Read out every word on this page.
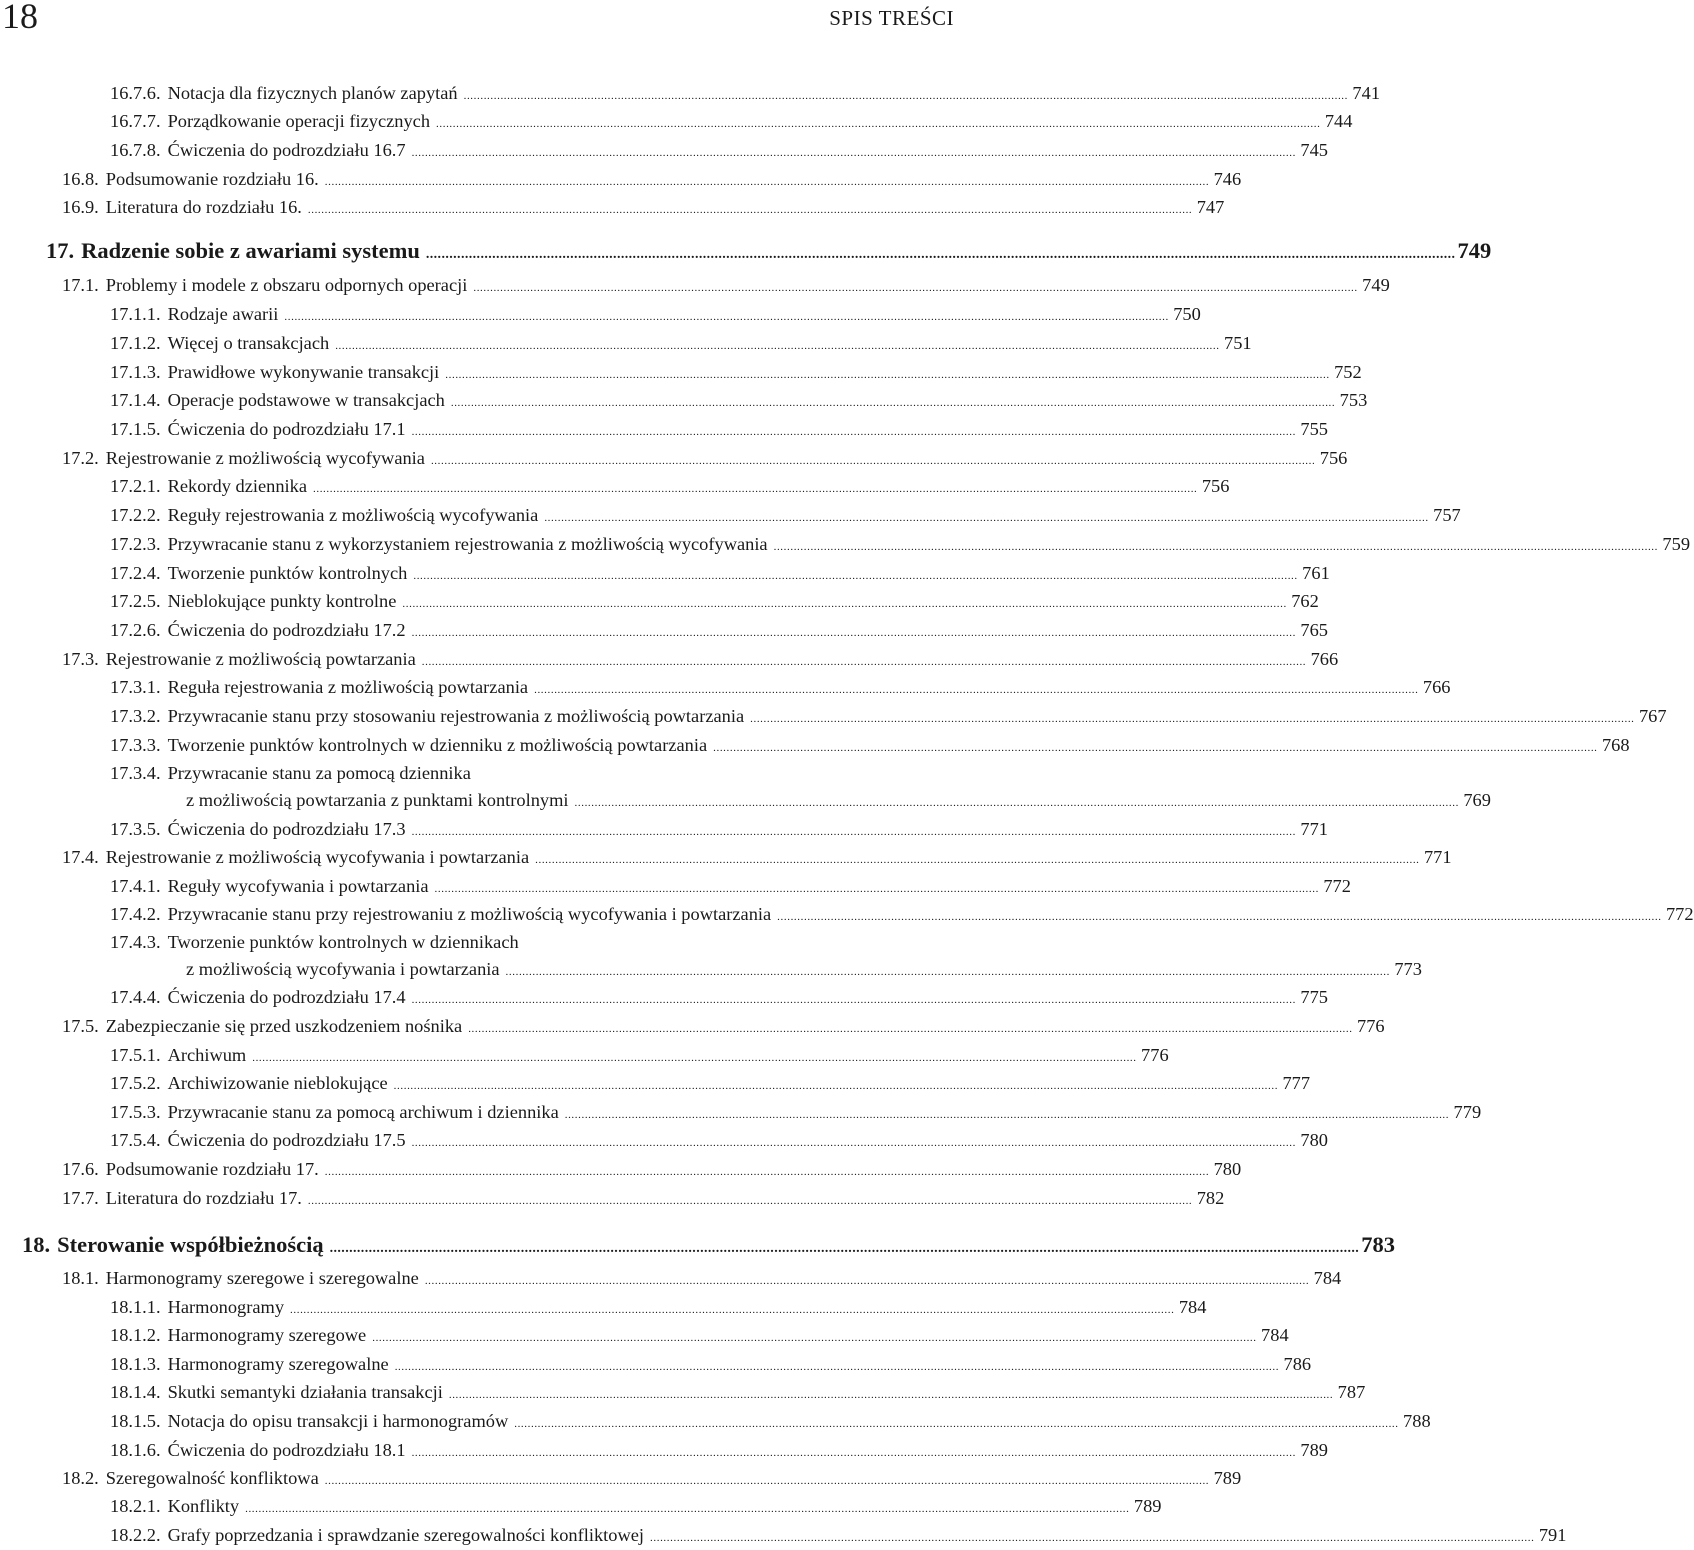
18	SPIS TREŚCI
16.7.6. Notacja dla fizycznych planów zapytań .....	741
16.7.7. Porządkowanie operacji fizycznych .....	744
16.7.8. Ćwiczenia do podrozdziału 16.7 .....	745
16.8. Podsumowanie rozdziału 16. .....	746
16.9. Literatura do rozdziału 16. .....	747
17. Radzenie sobie z awariami systemu .....	749
17.1. Problemy i modele z obszaru odpornych operacji .....	749
17.1.1. Rodzaje awarii .....	750
17.1.2. Więcej o transakcjach .....	751
17.1.3. Prawidłowe wykonywanie transakcji .....	752
17.1.4. Operacje podstawowe w transakcjach .....	753
17.1.5. Ćwiczenia do podrozdziału 17.1 .....	755
17.2. Rejestrowanie z możliwością wycofywania .....	756
17.2.1. Rekordy dziennika .....	756
17.2.2. Reguły rejestrowania z możliwością wycofywania .....	757
17.2.3. Przywracanie stanu z wykorzystaniem rejestrowania z możliwością wycofywania .....	759
17.2.4. Tworzenie punktów kontrolnych .....	761
17.2.5. Nieblokujące punkty kontrolne .....	762
17.2.6. Ćwiczenia do podrozdziału 17.2 .....	765
17.3. Rejestrowanie z możliwością powtarzania .....	766
17.3.1. Reguła rejestrowania z możliwością powtarzania .....	766
17.3.2. Przywracanie stanu przy stosowaniu rejestrowania z możliwością powtarzania .....	767
17.3.3. Tworzenie punktów kontrolnych w dzienniku z możliwością powtarzania .....	768
17.3.4. Przywracanie stanu za pomocą dziennika
z możliwością powtarzania z punktami kontrolnymi .....	769
17.3.5. Ćwiczenia do podrozdziału 17.3 .....	771
17.4. Rejestrowanie z możliwością wycofywania i powtarzania .....	771
17.4.1. Reguły wycofywania i powtarzania .....	772
17.4.2. Przywracanie stanu przy rejestrowaniu z możliwością wycofywania i powtarzania .....	772
17.4.3. Tworzenie punktów kontrolnych w dziennikach
z możliwością wycofywania i powtarzania .....	773
17.4.4. Ćwiczenia do podrozdziału 17.4 .....	775
17.5. Zabezpieczanie się przed uszkodzeniem nośnika .....	776
17.5.1. Archiwum .....	776
17.5.2. Archiwizowanie nieblokujące .....	777
17.5.3. Przywracanie stanu za pomocą archiwum i dziennika .....	779
17.5.4. Ćwiczenia do podrozdziału 17.5 .....	780
17.6. Podsumowanie rozdziału 17. .....	780
17.7. Literatura do rozdziału 17. .....	782
18. Sterowanie współbieżnością .....	783
18.1. Harmonogramy szeregowe i szeregowalne .....	784
18.1.1. Harmonogramy .....	784
18.1.2. Harmonogramy szeregowe .....	784
18.1.3. Harmonogramy szeregowalne .....	786
18.1.4. Skutki semantyki działania transakcji .....	787
18.1.5. Notacja do opisu transakcji i harmonogramów .....	788
18.1.6. Ćwiczenia do podrozdziału 18.1 .....	789
18.2. Szeregowalność konfliktowa .....	789
18.2.1. Konflikty .....	789
18.2.2. Grafy poprzedzania i sprawdzanie szeregowalności konfliktowej .....	791
